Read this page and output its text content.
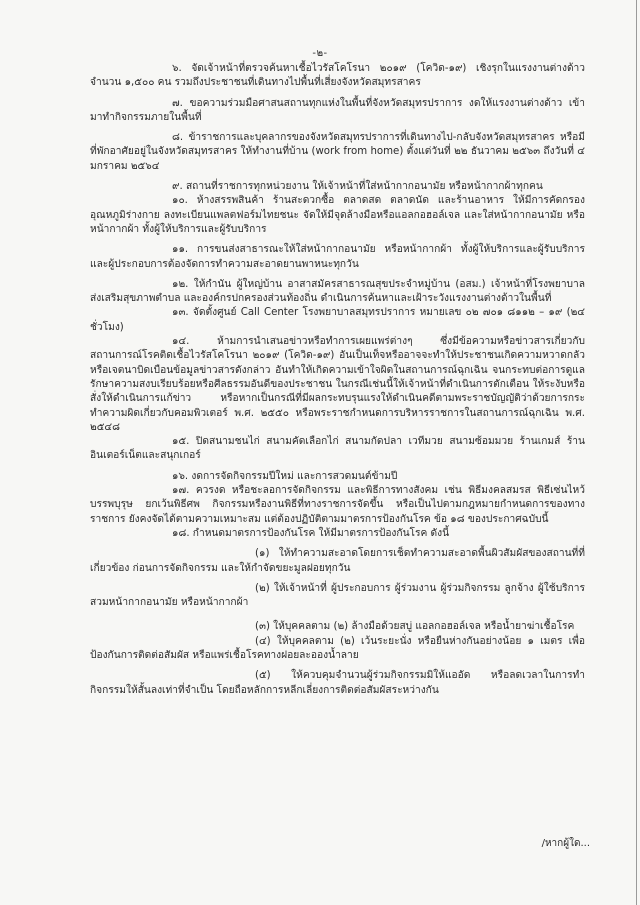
-๒-

๖. จัดเจ้าหน้าที่ตรวจค้นหาเชื้อไวรัสโคโรนา ๒๐๑๙ (โควิด-๑๙) เชิงรุกในแรงงานต่างด้าว จำนวน ๑,๕๐๐ คน รวมถึงประชาชนที่เดินทางไปพื้นที่เสี่ยงจังหวัดสมุทรสาคร

๗. ขอความร่วมมือศาสนสถานทุกแห่งในพื้นที่จังหวัดสมุทรปราการ งดให้แรงงานต่างด้าว เข้ามาทำกิจกรรมภายในพื้นที่

๘. ข้าราชการและบุคลากรของจังหวัดสมุทรปราการที่เดินทางไป-กลับจังหวัดสมุทรสาคร หรือมีที่พักอาศัยอยู่ในจังหวัดสมุทรสาคร ให้ทำงานที่บ้าน (work from home) ตั้งแต่วันที่ ๒๒ ธันวาคม ๒๕๖๓ ถึงวันที่ ๔ มกราคม ๒๕๖๔

๙. สถานที่ราชการทุกหน่วยงาน ให้เจ้าหน้าที่ใส่หน้ากากอนามัย หรือหน้ากากผ้าทุกคน

๑๐. ห้างสรรพสินค้า ร้านสะดวกซื้อ ตลาดสด ตลาดนัด และร้านอาหาร ให้มีการคัดกรองอุณหภูมิร่างกาย ลงทะเบียนแพลตฟอร์มไทยชนะ จัดให้มีจุดล้างมือหรือแอลกอฮอล์เจล และใส่หน้ากากอนามัย หรือหน้ากากผ้า ทั้งผู้ให้บริการและผู้รับบริการ

๑๑. การขนส่งสาธารณะให้ใส่หน้ากากอนามัย หรือหน้ากากผ้า ทั้งผู้ให้บริการและผู้รับบริการ และผู้ประกอบการต้องจัดการทำความสะอาดยานพาหนะทุกวัน

๑๒. ให้กำนัน ผู้ใหญ่บ้าน อาสาสมัครสาธารณสุขประจำหมู่บ้าน (อสม.) เจ้าหน้าที่โรงพยาบาลส่งเสริมสุขภาพตำบล และองค์กรปกครองส่วนท้องถิ่น ดำเนินการค้นหาและเฝ้าระวังแรงงานต่างด้าวในพื้นที่

๑๓. จัดตั้งศูนย์ Call Center โรงพยาบาลสมุทรปราการ หมายเลข ๐๒ ๗๐๑ ๘๑๑๒ – ๑๙ (๒๔ ชั่วโมง)

๑๔. ห้ามการนำเสนอข่าวหรือทำการเผยแพร่ต่างๆ ซึ่งมีข้อความหรือข่าวสารเกี่ยวกับสถานการณ์โรคติดเชื้อไวรัสโคโรนา ๒๐๑๙ (โควิด-๑๙) อันเป็นเท็จหรืออาจจะทำให้ประชาชนเกิดความหวาดกลัว หรือเจตนาบิดเบือนข้อมูลข่าวสารดังกล่าว อันทำให้เกิดความเข้าใจผิดในสถานการณ์ฉุกเฉิน จนกระทบต่อการดูแลรักษาความสงบเรียบร้อยหรือศีลธรรมอันดีของประชาชน ในกรณีเช่นนี้ให้เจ้าหน้าที่ดำเนินการตักเตือน ให้ระงับหรือสั่งให้ดำเนินการแก้ข่าว หรือหากเป็นกรณีที่มีผลกระทบรุนแรงให้ดำเนินคดีตามพระราชบัญญัติว่าด้วยการกระทำความผิดเกี่ยวกับคอมพิวเตอร์ พ.ศ. ๒๕๕๐ หรือพระราชกำหนดการบริหารราชการในสถานการณ์ฉุกเฉิน พ.ศ. ๒๕๔๘

๑๕. ปิดสนามชนไก่ สนามคัดเลือกไก่ สนามกัดปลา เวทีมวย สนามซ้อมมวย ร้านเกมส์ ร้านอินเตอร์เน็ตและสนุกเกอร์

๑๖. งดการจัดกิจกรรมปีใหม่ และการสวดมนต์ข้ามปี

๑๗. ควรงด หรือชะลอการจัดกิจกรรม และพิธีการทางสังคม เช่น พิธีมงคลสมรส พิธีเซ่นไหว้บรรพบุรุษ ยกเว้นพิธีศพ กิจกรรมหรืองานพิธีที่ทางราชการจัดขึ้น หรือเป็นไปตามกฎหมายกำหนดการของทางราชการ ยังคงจัดได้ตามความเหมาะสม แต่ต้องปฏิบัติตามมาตรการป้องกันโรค ข้อ ๑๘ ของประกาศฉบับนี้

๑๘. กำหนดมาตรการป้องกันโรค ให้มีมาตรการป้องกันโรค ดังนี้

(๑) ให้ทำความสะอาดโดยการเช็ดทำความสะอาดพื้นผิวสัมผัสของสถานที่ที่เกี่ยวข้อง ก่อนการจัดกิจกรรม และให้กำจัดขยะมูลฝอยทุกวัน

(๒) ให้เจ้าหน้าที่ ผู้ประกอบการ ผู้ร่วมงาน ผู้ร่วมกิจกรรม ลูกจ้าง ผู้ใช้บริการ สวมหน้ากากอนามัย หรือหน้ากากผ้า

(๓) ให้บุคคลตาม (๒) ล้างมือด้วยสบู่ แอลกอฮอล์เจล หรือน้ำยาฆ่าเชื้อโรค

(๔) ให้บุคคลตาม (๒) เว้นระยะนั่ง หรือยืนห่างกันอย่างน้อย ๑ เมตร เพื่อป้องกันการติดต่อสัมผัส หรือแพร่เชื้อโรคทางฝอยละอองน้ำลาย

(๕) ให้ควบคุมจำนวนผู้ร่วมกิจกรรมมิให้แออัด หรือลดเวลาในการทำกิจกรรมให้สั้นลงเท่าที่จำเป็น โดยถือหลักการหลีกเลี่ยงการติดต่อสัมผัสระหว่างกัน

/หากผู้ใด...
